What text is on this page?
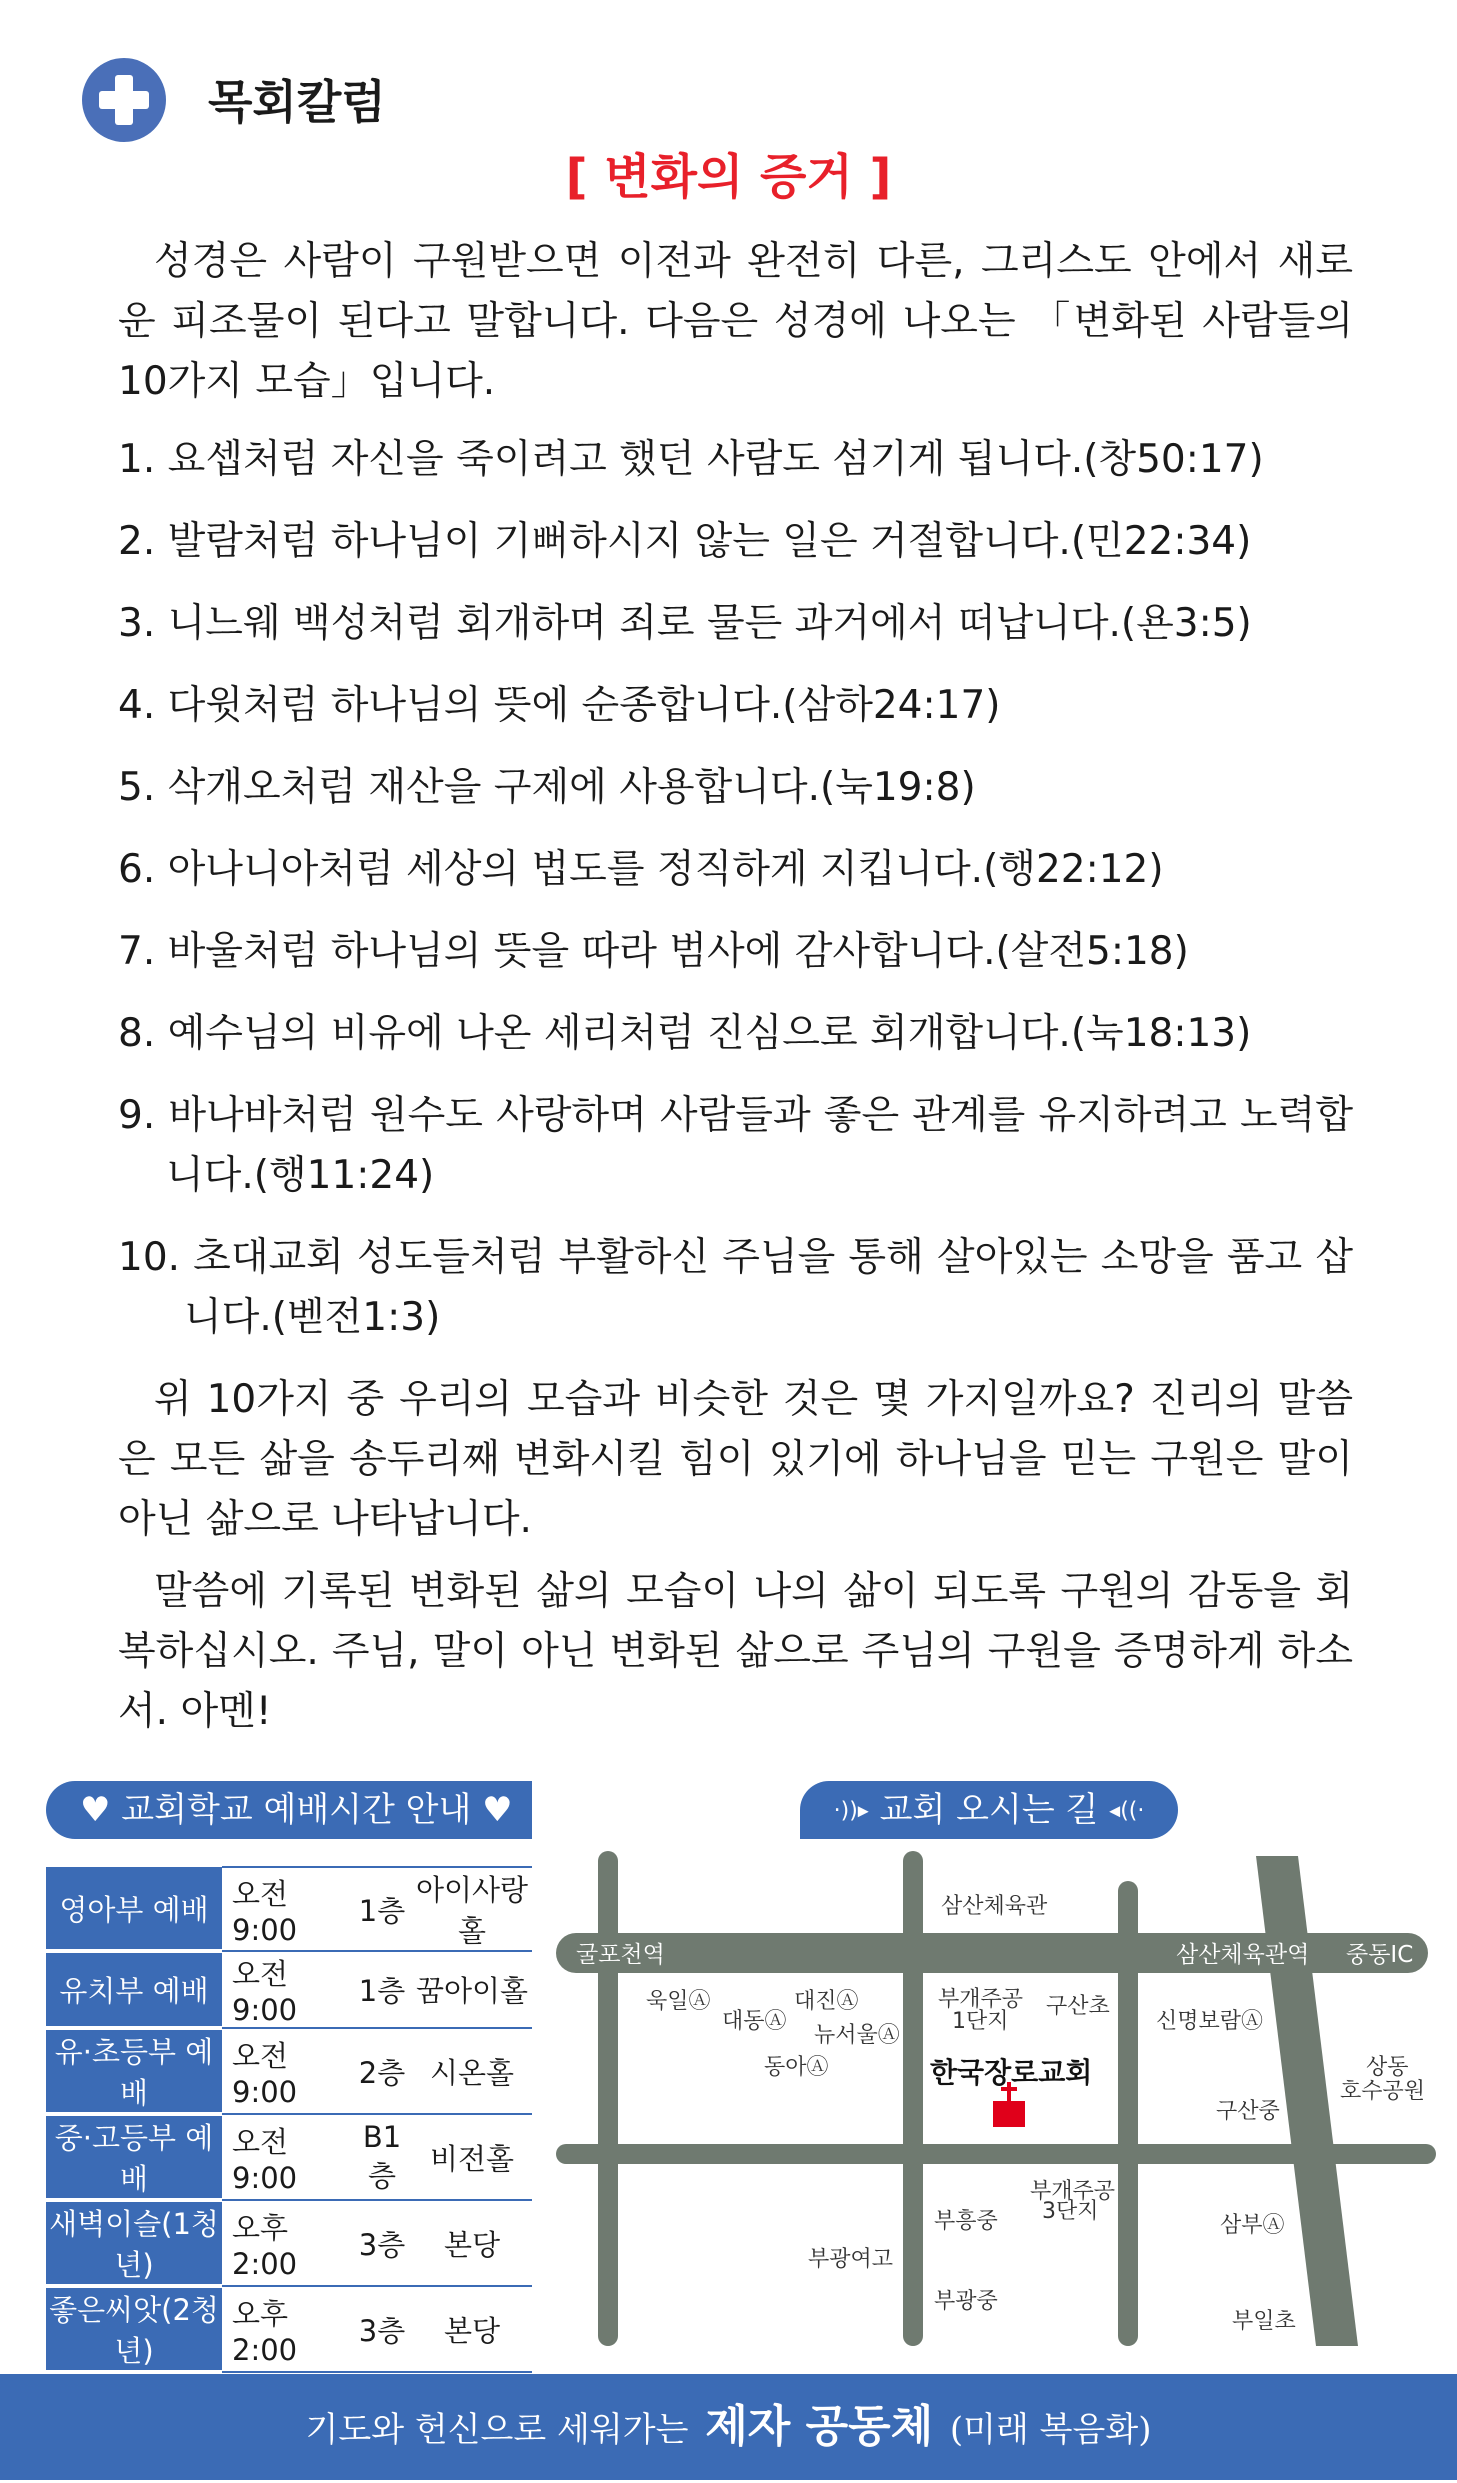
목회칼럼
[ 변화의 증거 ]

성경은 사람이 구원받으면 이전과 완전히 다른, 그리스도 안에서 새로운 피조물이 된다고 말합니다. 다음은 성경에 나오는 「변화된 사람들의 10가지 모습」입니다.

1. 요셉처럼 자신을 죽이려고 했던 사람도 섬기게 됩니다.(창50:17)

2. 발람처럼 하나님이 기뻐하시지 않는 일은 거절합니다.(민22:34)

3. 니느웨 백성처럼 회개하며 죄로 물든 과거에서 떠납니다.(욘3:5)

4. 다윗처럼 하나님의 뜻에 순종합니다.(삼하24:17)

5. 삭개오처럼 재산을 구제에 사용합니다.(눅19:8)

6. 아나니아처럼 세상의 법도를 정직하게 지킵니다.(행22:12)

7. 바울처럼 하나님의 뜻을 따라 범사에 감사합니다.(살전5:18)

8. 예수님의 비유에 나온 세리처럼 진심으로 회개합니다.(눅18:13)

9. 바나바처럼 원수도 사랑하며 사람들과 좋은 관계를 유지하려고 노력합니다.(행11:24)

10. 초대교회 성도들처럼 부활하신 주님을 통해 살아있는 소망을 품고 삽니다.(벧전1:3)

위 10가지 중 우리의 모습과 비슷한 것은 몇 가지일까요? 진리의 말씀은 모든 삶을 송두리째 변화시킬 힘이 있기에 하나님을 믿는 구원은 말이 아닌 삶으로 나타납니다.

말씀에 기록된 변화된 삶의 모습이 나의 삶이 되도록 구원의 감동을 회복하십시오. 주님, 말이 아닌 변화된 삶으로 주님의 구원을 증명하게 하소서. 아멘!

♥ 교회학교 예배시간 안내 ♥
영아부 예배	오전 9:00	1층	아이사랑홀
유치부 예배	오전 9:00	1층	꿈아이홀
유·초등부 예배	오전 9:00	2층	시온홀
중·고등부 예배	오전 9:00	B1층	비전홀
새벽이슬(1청년)	오후 2:00	3층	본당
좋은씨앗(2청년)	오후 2:00	3층	본당
·))▸ 교회 오시는 길 ◂((·
삼산체육관
굴포천역	삼산체육관역 중동IC
욱일Ⓐ	대진Ⓐ
대동Ⓐ
뉴서울Ⓐ
동아Ⓐ
부개주공
1단지
구산초
신명보람Ⓐ
상동
호수공원
구산중
한국장로교회
부개주공
3단지
부흥중	삼부Ⓐ
부광여고
부광중
부일초
기도와 헌신으로 세워가는 제자 공동체 (미래 복음화)
